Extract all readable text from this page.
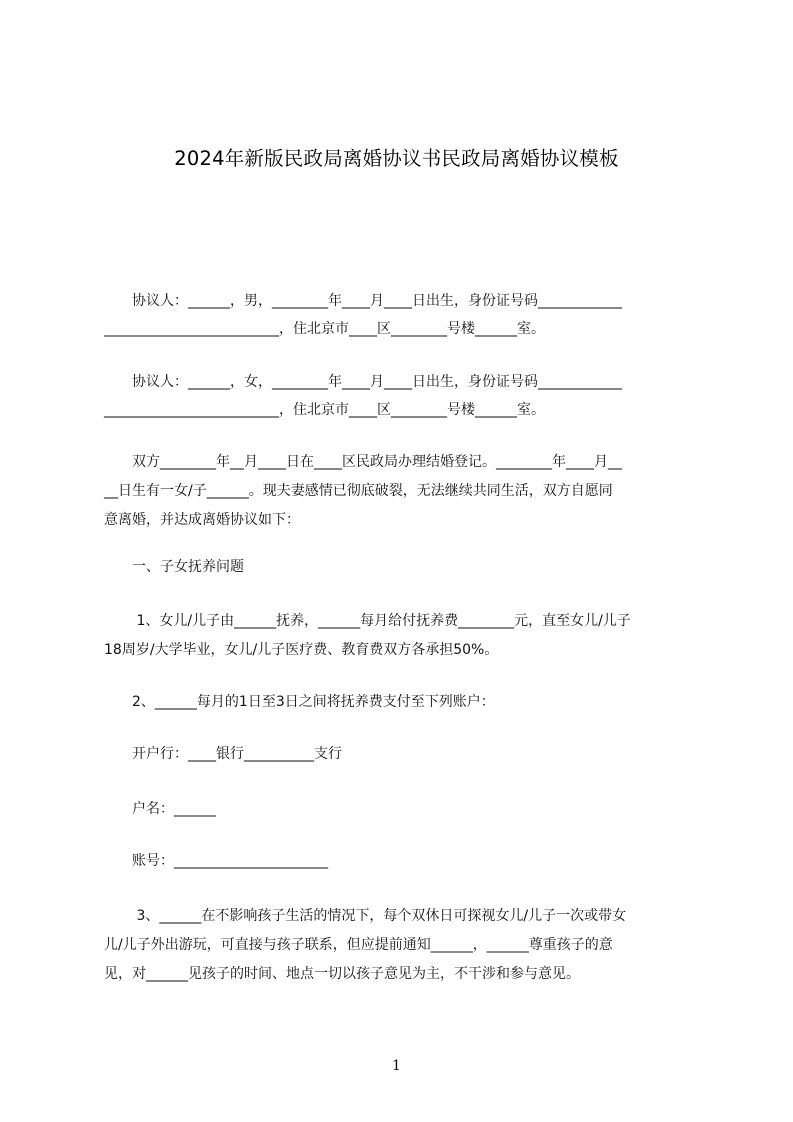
2024年新版民政局离婚协议书民政局离婚协议模板
　　协议人：______，男，________年____月____日出生，身份证号码____________
_________________________，住北京市____区________号楼______室。
　　协议人：______，女，________年____月____日出生，身份证号码____________
_________________________，住北京市____区________号楼______室。
　　双方________年__月____日在____区民政局办理结婚登记。________年____月__
__日生有一女/子______。现夫妻感情已彻底破裂，无法继续共同生活，双方自愿同
意离婚，并达成离婚协议如下：
　　一、子女抚养问题
　　 1、女儿/儿子由______抚养，______每月给付抚养费________元，直至女儿/儿子
18周岁/大学毕业，女儿/儿子医疗费、教育费双方各承担50%。
　　2、______每月的1日至3日之间将抚养费支付至下列账户：
　　开户行：____银行__________支行
　　户名：______
　　账号：______________________
　　 3、______在不影响孩子生活的情况下，每个双休日可探视女儿/儿子一次或带女
儿/儿子外出游玩，可直接与孩子联系，但应提前通知______，______尊重孩子的意
见，对______见孩子的时间、地点一切以孩子意见为主，不干涉和参与意见。
1
